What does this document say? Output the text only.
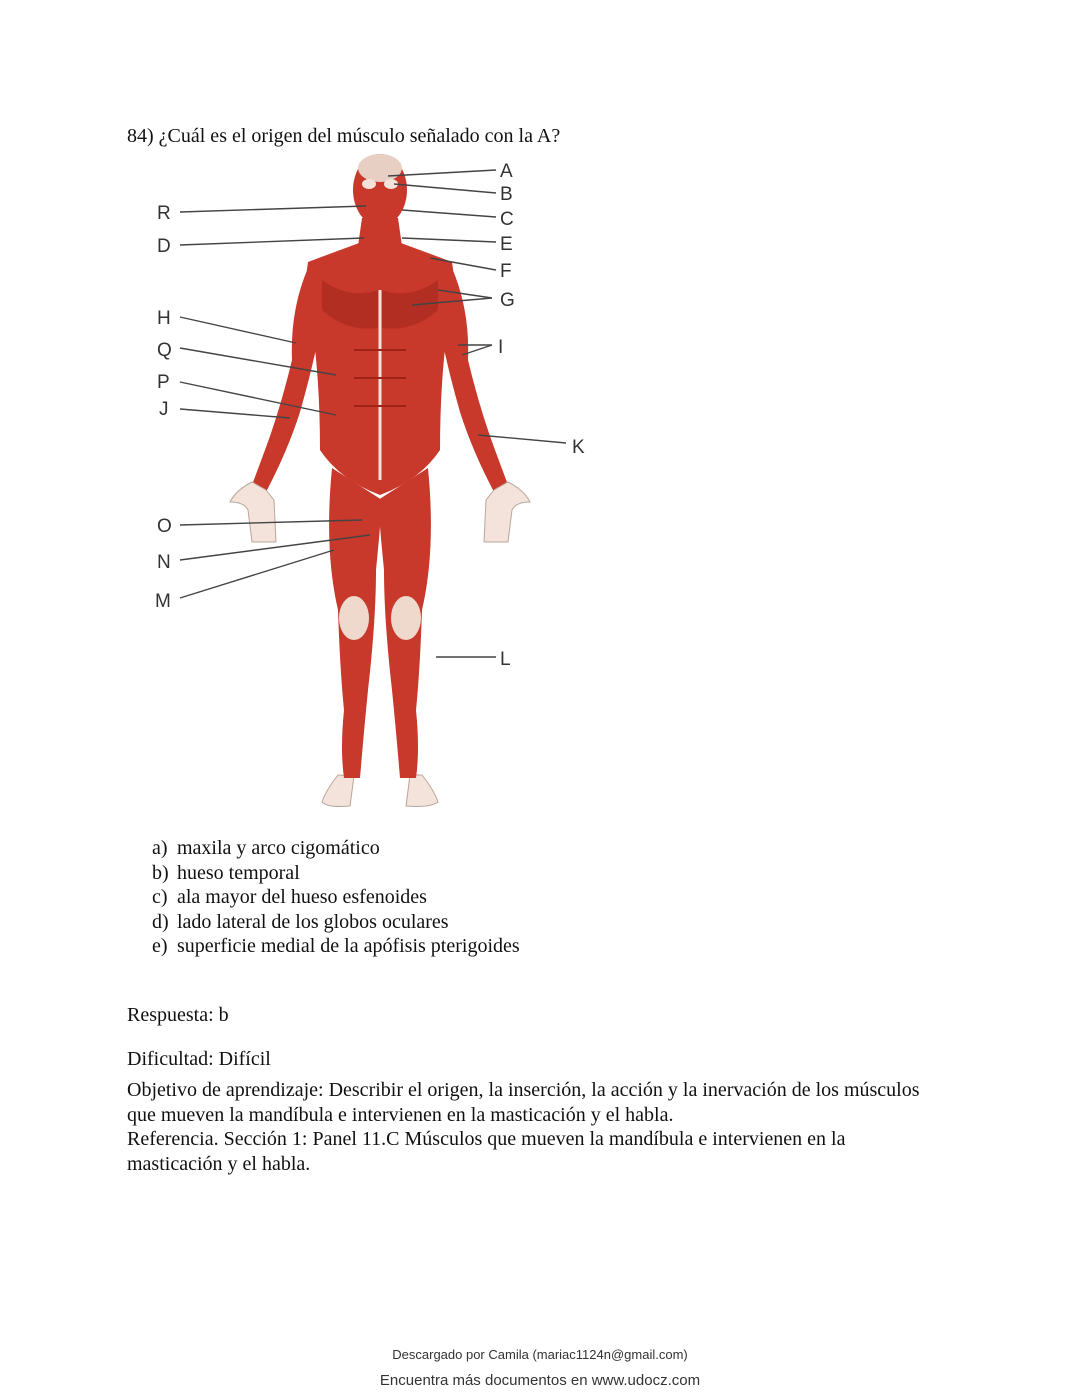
84) ¿Cuál es el origen del músculo señalado con la A?
A
B
C
E
F
G
I
K
L
R
D
H
Q
P
J
O
N
M
a) maxila y arco cigomático
b) hueso temporal
c) ala mayor del hueso esfenoides
d) lado lateral de los globos oculares
e) superficie medial de la apófisis pterigoides
Respuesta: b
Dificultad: Difícil
Objetivo de aprendizaje: Describir el origen, la inserción, la acción y la inervación de los músculos que mueven la mandíbula e intervienen en la masticación y el habla.
Referencia. Sección 1: Panel 11.C Músculos que mueven la mandíbula e intervienen en la masticación y el habla.
Descargado por Camila (mariac1124n@gmail.com)
Encuentra más documentos en www.udocz.com
